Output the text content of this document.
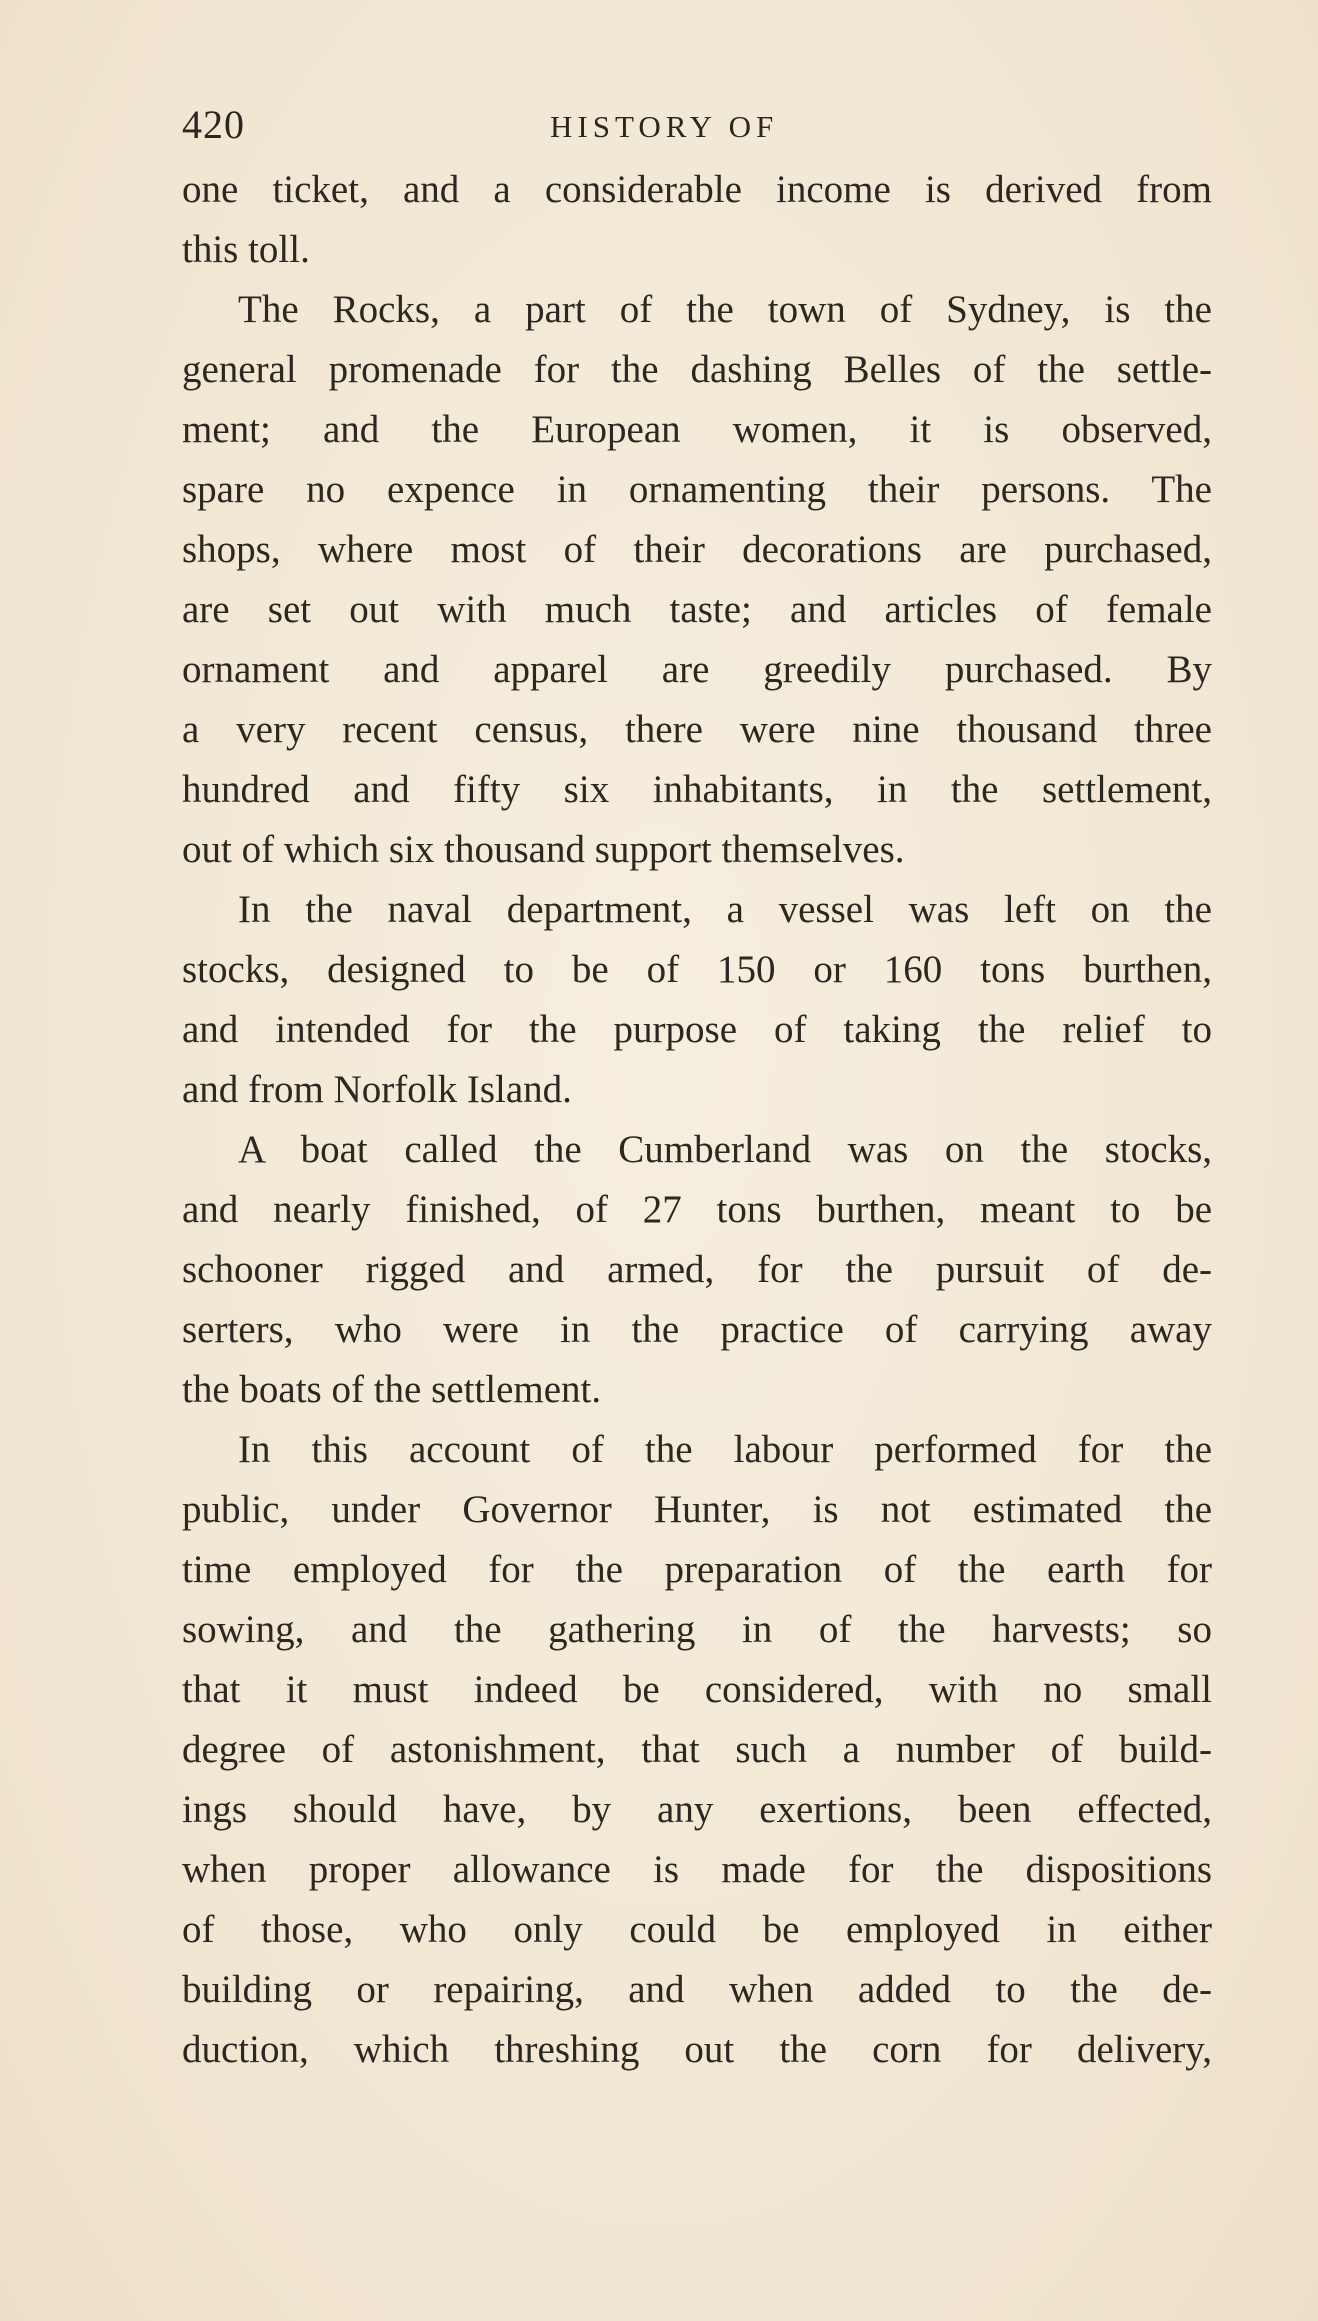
420	HISTORY OF
one ticket, and a considerable income is derived from
this toll.
The Rocks, a part of the town of Sydney, is the
general promenade for the dashing Belles of the settle-
ment; and the European women, it is observed,
spare no expence in ornamenting their persons. The
shops, where most of their decorations are purchased,
are set out with much taste; and articles of female
ornament and apparel are greedily purchased. By
a very recent census, there were nine thousand three
hundred and fifty six inhabitants, in the settlement,
out of which six thousand support themselves.
In the naval department, a vessel was left on the
stocks, designed to be of 150 or 160 tons burthen,
and intended for the purpose of taking the relief to
and from Norfolk Island.
A boat called the Cumberland was on the stocks,
and nearly finished, of 27 tons burthen, meant to be
schooner rigged and armed, for the pursuit of de-
serters, who were in the practice of carrying away
the boats of the settlement.
In this account of the labour performed for the
public, under Governor Hunter, is not estimated the
time employed for the preparation of the earth for
sowing, and the gathering in of the harvests; so
that it must indeed be considered, with no small
degree of astonishment, that such a number of build-
ings should have, by any exertions, been effected,
when proper allowance is made for the dispositions
of those, who only could be employed in either
building or repairing, and when added to the de-
duction, which threshing out the corn for delivery,
